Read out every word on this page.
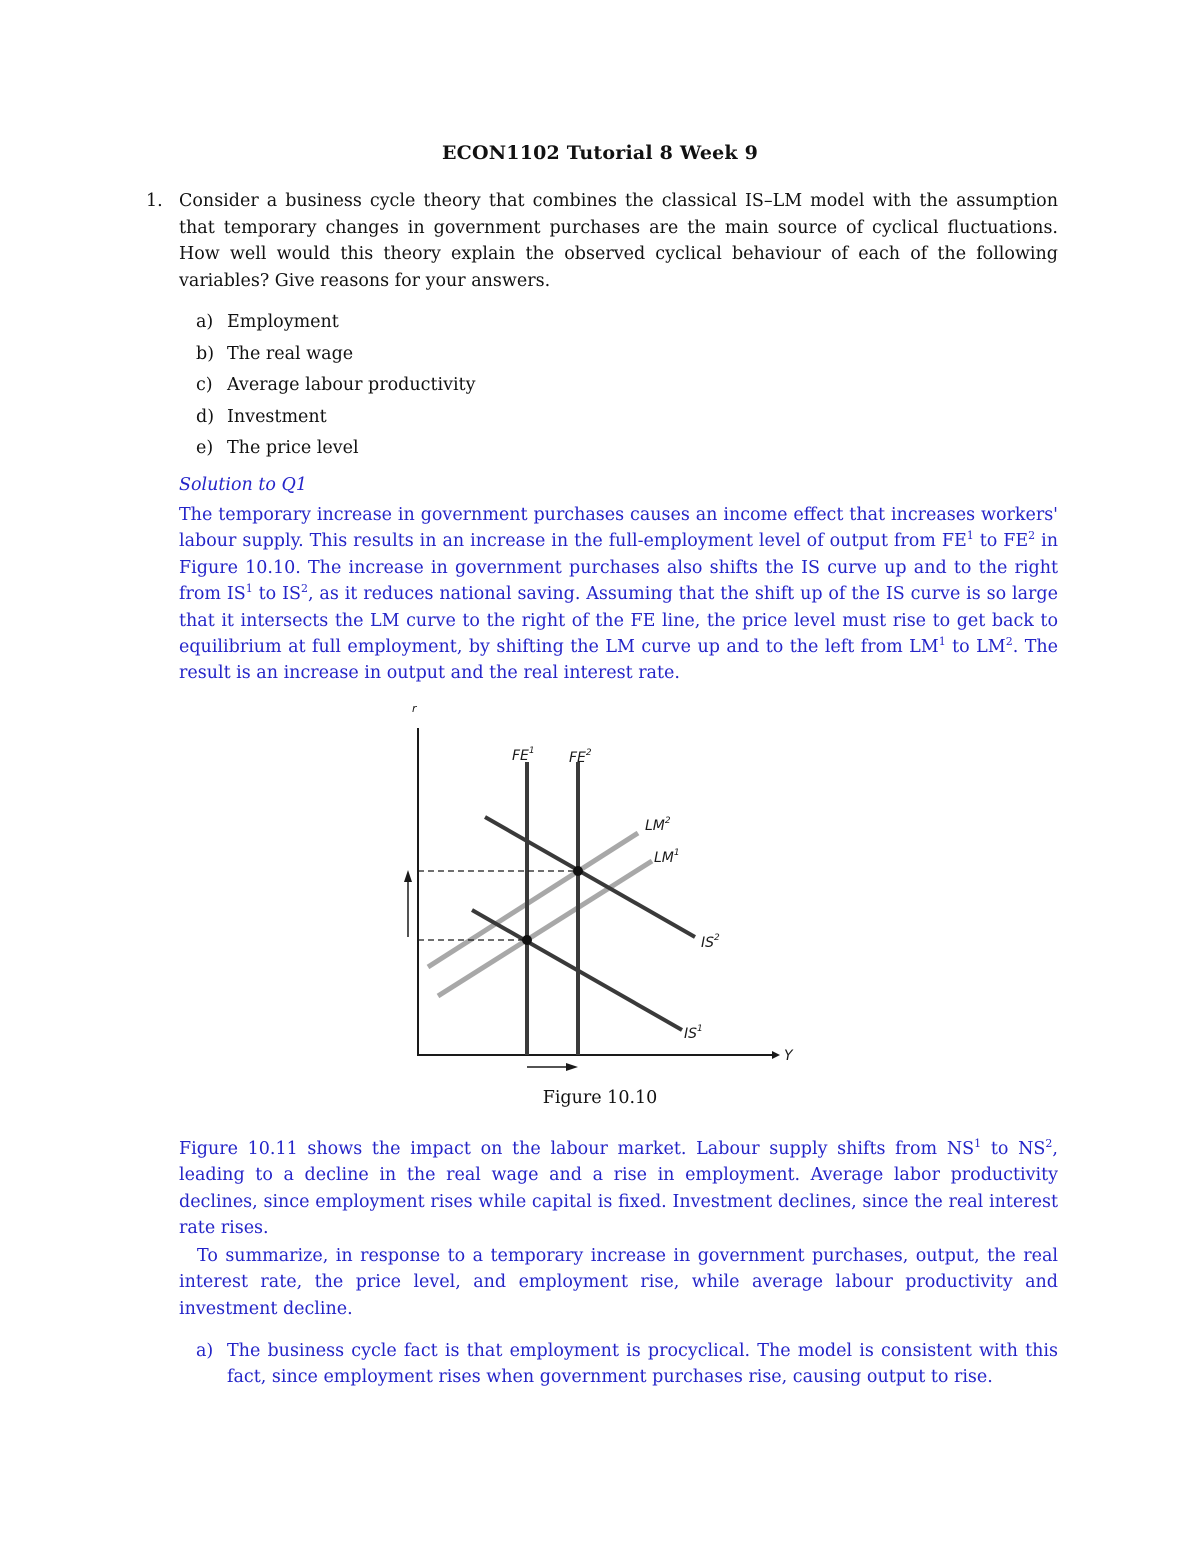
ECON1102 Tutorial 8 Week 9
1. Consider a business cycle theory that combines the classical IS–LM model with the assumption that temporary changes in government purchases are the main source of cyclical fluctuations. How well would this theory explain the observed cyclical behaviour of each of the following variables? Give reasons for your answers.
a) Employment
b) The real wage
c) Average labour productivity
d) Investment
e) The price level
Solution to Q1
The temporary increase in government purchases causes an income effect that increases workers' labour supply. This results in an increase in the full-employment level of output from $FE^1$ to $FE^2$ in Figure 10.10. The increase in government purchases also shifts the IS curve up and to the right from $IS^1$ to $IS^2$, as it reduces national saving. Assuming that the shift up of the IS curve is so large that it intersects the LM curve to the right of the FE line, the price level must rise to get back to equilibrium at full employment, by shifting the LM curve up and to the left from $LM^1$ to $LM^2$. The result is an increase in output and the real interest rate.
r
Y
$FE^1$ $FE^2$
$LM^2$
$LM^1$
$IS^2$
$IS^1$
Figure 10.10
Figure 10.11 shows the impact on the labour market. Labour supply shifts from $NS^1$ to $NS^2$, leading to a decline in the real wage and a rise in employment. Average labor productivity declines, since employment rises while capital is fixed. Investment declines, since the real interest rate rises.
To summarize, in response to a temporary increase in government purchases, output, the real interest rate, the price level, and employment rise, while average labour productivity and investment decline.
a) The business cycle fact is that employment is procyclical. The model is consistent with this fact, since employment rises when government purchases rise, causing output to rise.
